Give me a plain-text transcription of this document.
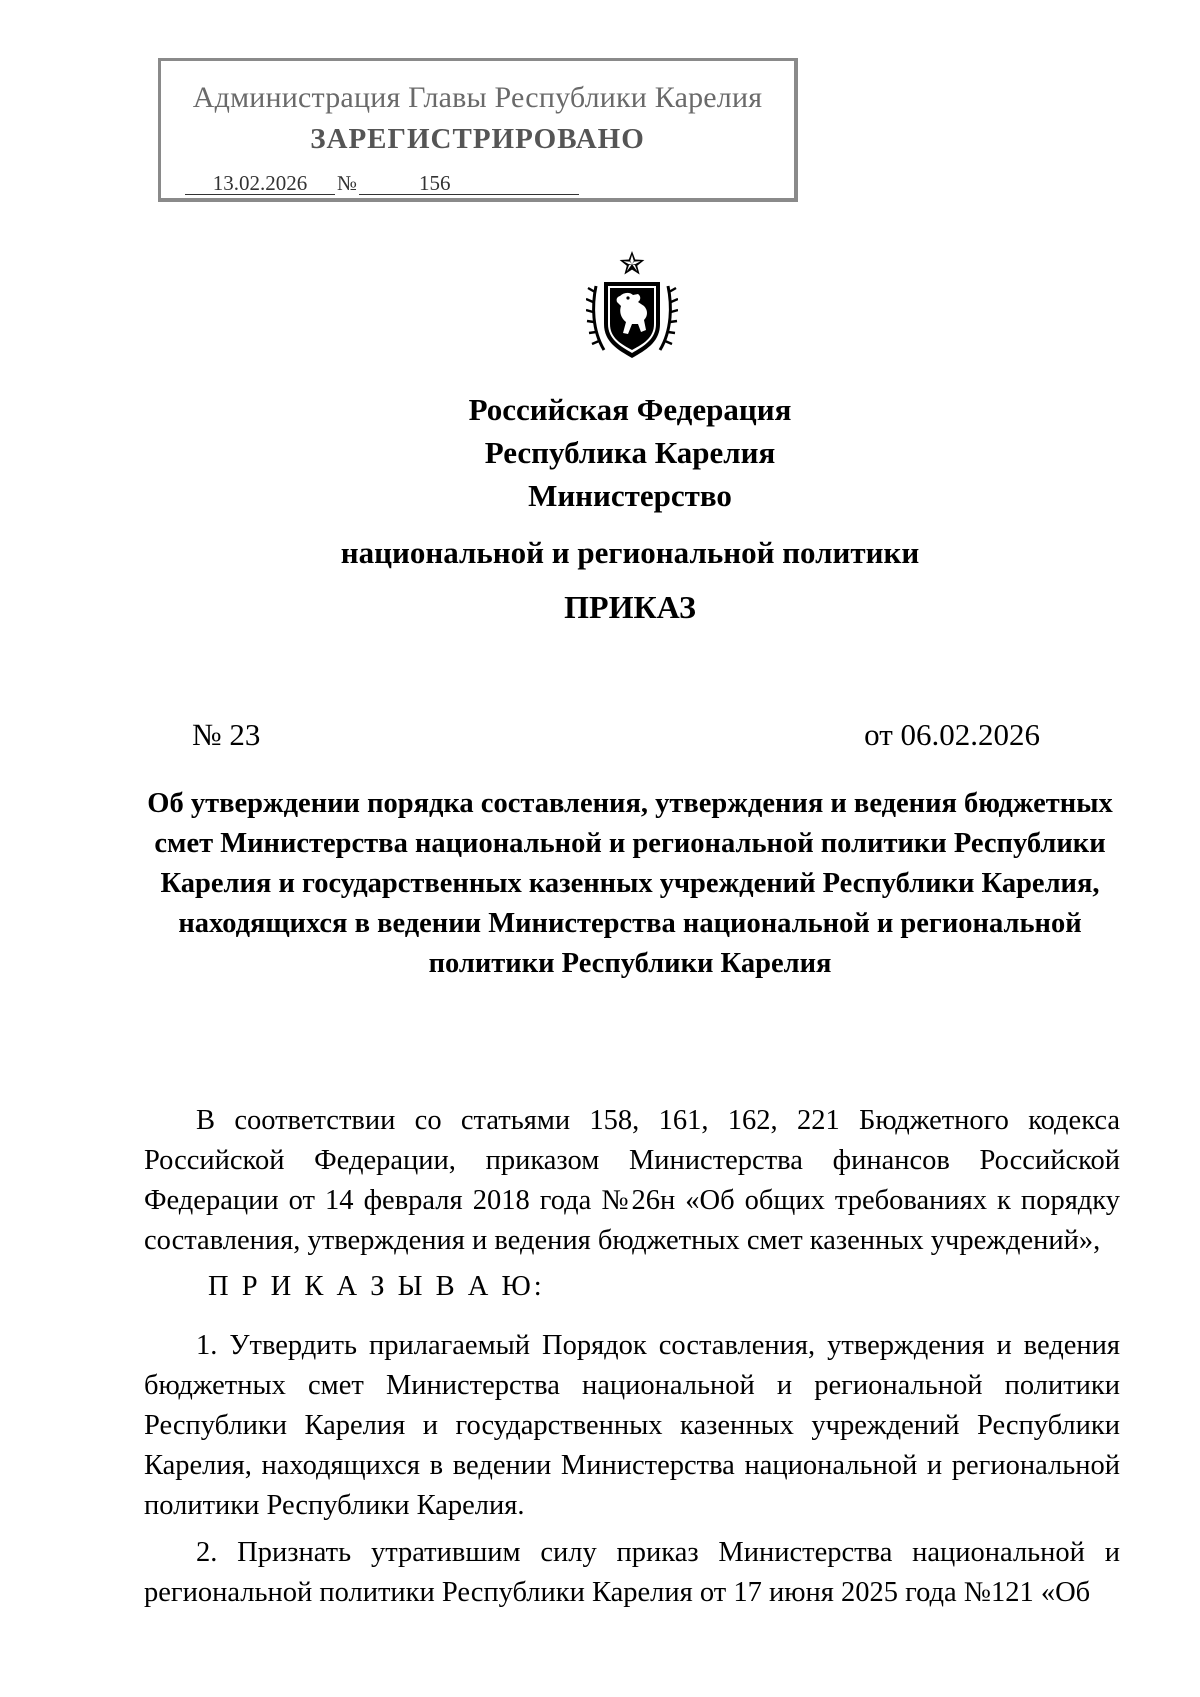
Администрация Главы Республики Карелия
ЗАРЕГИСТРИРОВАНО
13.02.2026 №	156
Российская Федерация
Республика Карелия
Министерство
национальной и региональной политики
ПРИКАЗ
№ 23	от 06.02.2026
Об утверждении порядка составления, утверждения и ведения бюджетных смет Министерства национальной и региональной политики Республики Карелия и государственных казенных учреждений Республики Карелия, находящихся в ведении Министерства национальной и региональной политики Республики Карелия

В соответствии со статьями 158, 161, 162, 221 Бюджетного кодекса Российской Федерации, приказом Министерства финансов Российской Федерации от 14 февраля 2018 года №26н «Об общих требованиях к порядку составления, утверждения и ведения бюджетных смет казенных учреждений»,

П Р И К А З Ы В А Ю:

1. Утвердить прилагаемый Порядок составления, утверждения и ведения бюджетных смет Министерства национальной и региональной политики Республики Карелия и государственных казенных учреждений Республики Карелия, находящихся в ведении Министерства национальной и региональной политики Республики Карелия.

2. Признать утратившим силу приказ Министерства национальной и региональной политики Республики Карелия от 17 июня 2025 года №121 «Об
